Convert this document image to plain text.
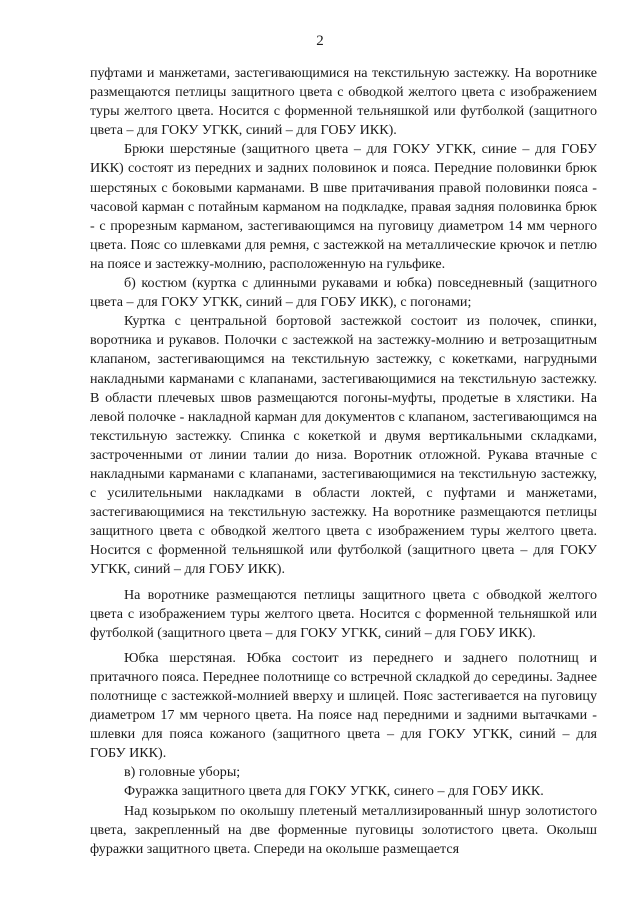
2

пуфтами и манжетами, застегивающимися на текстильную застежку. На воротнике размещаются петлицы защитного цвета с обводкой желтого цвета с изображением туры желтого цвета. Носится с форменной тельняшкой или футболкой (защитного цвета – для ГОКУ УГКК, синий – для ГОБУ ИКК).

Брюки шерстяные (защитного цвета – для ГОКУ УГКК, синие – для ГОБУ ИКК) состоят из передних и задних половинок и пояса. Передние половинки брюк шерстяных с боковыми карманами. В шве притачивания правой половинки пояса - часовой карман с потайным карманом на подкладке, правая задняя половинка брюк - с прорезным карманом, застегивающимся на пуговицу диаметром 14 мм черного цвета. Пояс со шлевками для ремня, с застежкой на металлические крючок и петлю на поясе и застежку-молнию, расположенную на гульфике.

б) костюм (куртка с длинными рукавами и юбка) повседневный (защитного цвета – для ГОКУ УГКК, синий – для ГОБУ ИКК), с погонами;

Куртка с центральной бортовой застежкой состоит из полочек, спинки, воротника и рукавов. Полочки с застежкой на застежку-молнию и ветрозащитным клапаном, застегивающимся на текстильную застежку, с кокетками, нагрудными накладными карманами с клапанами, застегивающимися на текстильную застежку. В области плечевых швов размещаются погоны-муфты, продетые в хлястики. На левой полочке - накладной карман для документов с клапаном, застегивающимся на текстильную застежку. Спинка с кокеткой и двумя вертикальными складками, застроченными от линии талии до низа. Воротник отложной. Рукава втачные с накладными карманами с клапанами, застегивающимися на текстильную застежку, с усилительными накладками в области локтей, с пуфтами и манжетами, застегивающимися на текстильную застежку. На воротнике размещаются петлицы защитного цвета с обводкой желтого цвета с изображением туры желтого цвета. Носится с форменной тельняшкой или футболкой (защитного цвета – для ГОКУ УГКК, синий – для ГОБУ ИКК).

На воротнике размещаются петлицы защитного цвета с обводкой желтого цвета с изображением туры желтого цвета. Носится с форменной тельняшкой или футболкой (защитного цвета – для ГОКУ УГКК, синий – для ГОБУ ИКК).

Юбка шерстяная. Юбка состоит из переднего и заднего полотнищ и притачного пояса. Переднее полотнище со встречной складкой до середины. Заднее полотнище с застежкой-молнией вверху и шлицей. Пояс застегивается на пуговицу диаметром 17 мм черного цвета. На поясе над передними и задними вытачками - шлевки для пояса кожаного (защитного цвета – для ГОКУ УГКК, синий – для ГОБУ ИКК).

в) головные уборы;

Фуражка защитного цвета для ГОКУ УГКК, синего – для ГОБУ ИКК.

Над козырьком по околышу плетеный металлизированный шнур золотистого цвета, закрепленный на две форменные пуговицы золотистого цвета. Околыш фуражки защитного цвета. Спереди на околыше размещается
